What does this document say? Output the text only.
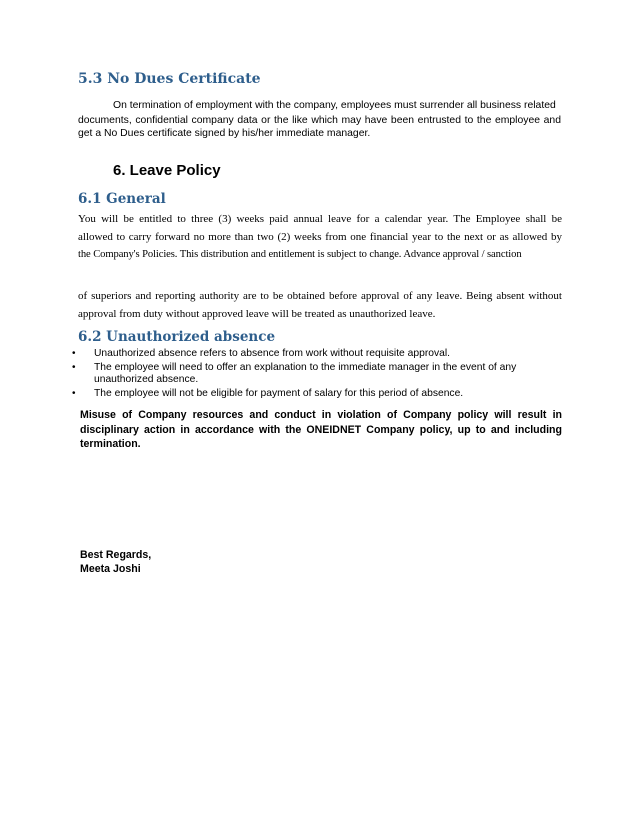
5.3 No Dues Certificate
On termination of employment with the company, employees must surrender all business related
documents, confidential company data or the like which may have been entrusted to the employee and
get a No Dues certificate signed by his/her immediate manager.
6. Leave Policy
6.1 General
You will be entitled to three (3) weeks paid annual leave for a calendar year. The Employee shall be
allowed to carry forward no more than two (2) weeks from one financial year to the next or as allowed by
the Company's Policies. This distribution and entitlement is subject to change. Advance approval / sanction
of superiors and reporting authority are to be obtained before approval of any leave. Being absent without
approval from duty without approved leave will be treated as unauthorized leave.
6.2 Unauthorized absence
• Unauthorized absence refers to absence from work without requisite approval.
• The employee will need to offer an explanation to the immediate manager in the event of any
unauthorized absence.
• The employee will not be eligible for payment of salary for this period of absence.
Misuse of Company resources and conduct in violation of Company policy will result in
disciplinary action in accordance with the ONEIDNET Company policy, up to and including
termination.
Best Regards,
Meeta Joshi
